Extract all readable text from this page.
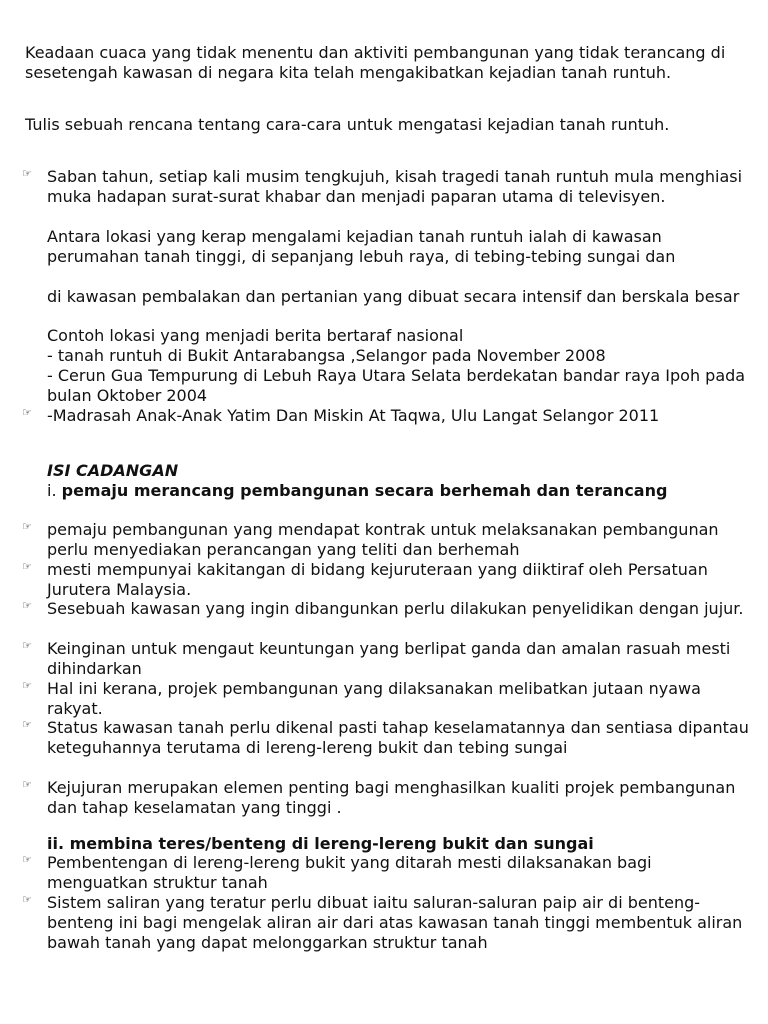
Keadaan cuaca yang tidak menentu dan aktiviti pembangunan yang tidak terancang di sesetengah kawasan di negara kita telah mengakibatkan kejadian tanah runtuh.

Tulis sebuah rencana tentang cara-cara untuk mengatasi kejadian tanah runtuh.

☞ Saban tahun, setiap kali musim tengkujuh, kisah tragedi tanah runtuh mula menghiasi muka hadapan surat-surat khabar dan menjadi paparan utama di televisyen.
Antara lokasi yang kerap mengalami kejadian tanah runtuh ialah di kawasan perumahan tanah tinggi, di sepanjang lebuh raya, di tebing-tebing sungai dan
di kawasan pembalakan dan pertanian yang dibuat secara intensif dan berskala besar
Contoh lokasi yang menjadi berita bertaraf nasional
- tanah runtuh di Bukit Antarabangsa ,Selangor pada November 2008
- Cerun Gua Tempurung di Lebuh Raya Utara Selata berdekatan bandar raya Ipoh pada bulan Oktober 2004
☞ -Madrasah Anak-Anak Yatim Dan Miskin At Taqwa, Ulu Langat Selangor 2011
ISI CADANGAN
i. pemaju merancang pembangunan secara berhemah dan terancang
☞ pemaju pembangunan yang mendapat kontrak untuk melaksanakan pembangunan perlu menyediakan perancangan yang teliti dan berhemah
☞ mesti mempunyai kakitangan di bidang kejuruteraan yang diiktiraf oleh Persatuan Jurutera Malaysia.
☞ Sesebuah kawasan yang ingin dibangunkan perlu dilakukan penyelidikan dengan jujur.
☞ Keinginan untuk mengaut keuntungan yang berlipat ganda dan amalan rasuah mesti dihindarkan
☞ Hal ini kerana, projek pembangunan yang dilaksanakan melibatkan jutaan nyawa rakyat.
☞ Status kawasan tanah perlu dikenal pasti tahap keselamatannya dan sentiasa dipantau keteguhannya terutama di lereng-lereng bukit dan tebing sungai
☞ Kejujuran merupakan elemen penting bagi menghasilkan kualiti projek pembangunan dan tahap keselamatan yang tinggi .
ii. membina teres/benteng di lereng-lereng bukit dan sungai
☞ Pembentengan di lereng-lereng bukit yang ditarah mesti dilaksanakan bagi menguatkan struktur tanah
☞ Sistem saliran yang teratur perlu dibuat iaitu saluran-saluran paip air di benteng-benteng ini bagi mengelak aliran air dari atas kawasan tanah tinggi membentuk aliran bawah tanah yang dapat melonggarkan struktur tanah
